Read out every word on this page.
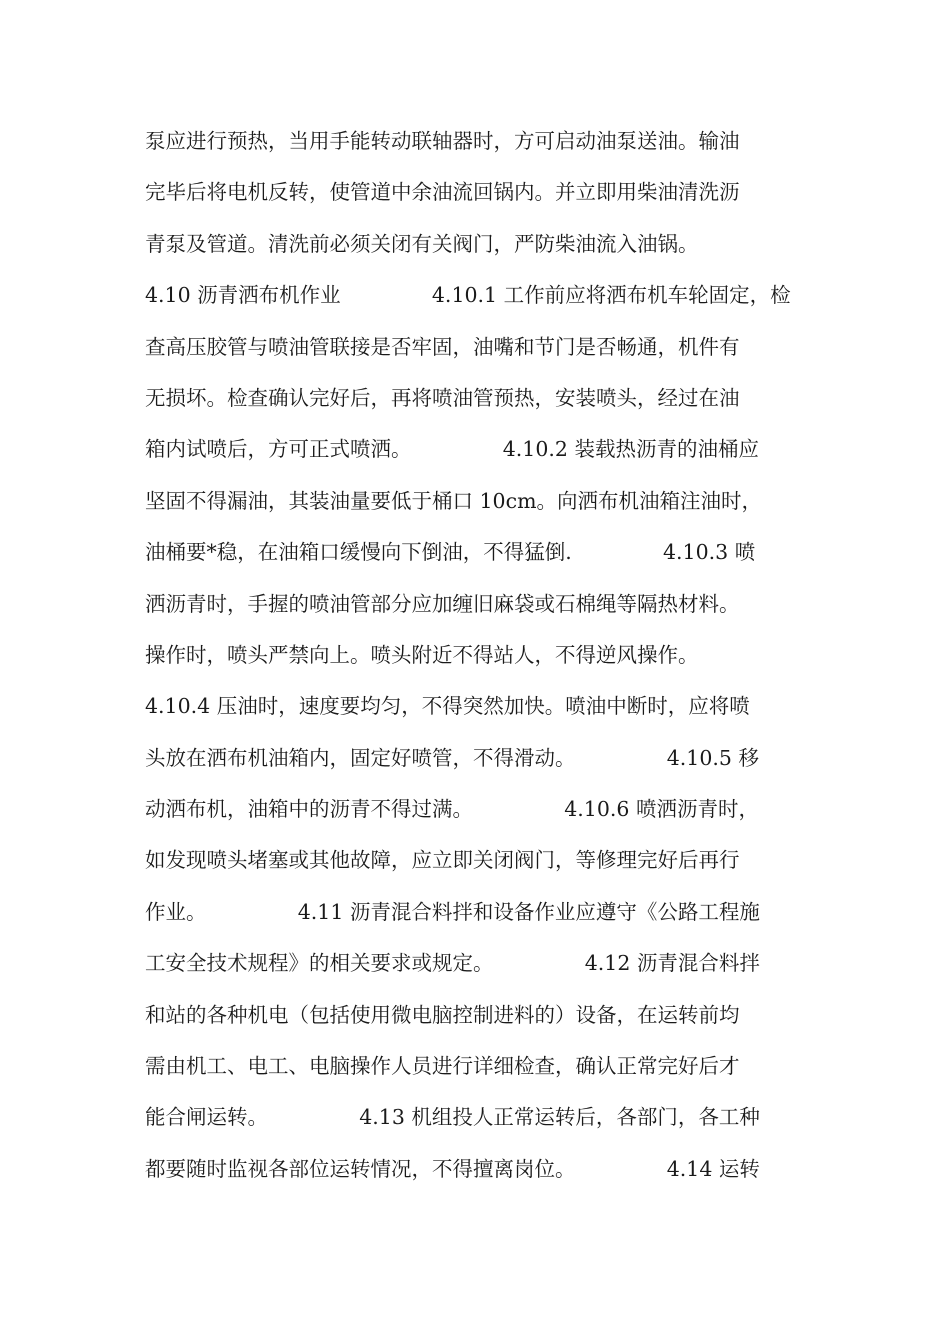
泵应进行预热，当用手能转动联轴器时，方可启动油泵送油。输油
完毕后将电机反转，使管道中余油流回锅内。并立即用柴油清洗沥
青泵及管道。清洗前必须关闭有关阀门，严防柴油流入油锅。
4.10 沥青洒布机作业              4.10.1 工作前应将洒布机车轮固定，检
查高压胶管与喷油管联接是否牢固，油嘴和节门是否畅通，机件有
无损坏。检查确认完好后，再将喷油管预热，安装喷头，经过在油
箱内试喷后，方可正式喷洒。              4.10.2 装载热沥青的油桶应
坚固不得漏油，其装油量要低于桶口 10cm。向洒布机油箱注油时，
油桶要*稳，在油箱口缓慢向下倒油，不得猛倒.              4.10.3 喷
洒沥青时，手握的喷油管部分应加缠旧麻袋或石棉绳等隔热材料。
操作时，喷头严禁向上。喷头附近不得站人，不得逆风操作。
4.10.4 压油时，速度要均匀，不得突然加快。喷油中断时，应将喷
头放在洒布机油箱内，固定好喷管，不得滑动。              4.10.5 移
动洒布机，油箱中的沥青不得过满。              4.10.6 喷洒沥青时，
如发现喷头堵塞或其他故障，应立即关闭阀门，等修理完好后再行
作业。              4.11 沥青混合料拌和设备作业应遵守《公路工程施
工安全技术规程》的相关要求或规定。              4.12 沥青混合料拌
和站的各种机电（包括使用微电脑控制进料的）设备，在运转前均
需由机工、电工、电脑操作人员进行详细检查，确认正常完好后才
能合闸运转。              4.13 机组投人正常运转后，各部门，各工种
都要随时监视各部位运转情况，不得擅离岗位。              4.14 运转
